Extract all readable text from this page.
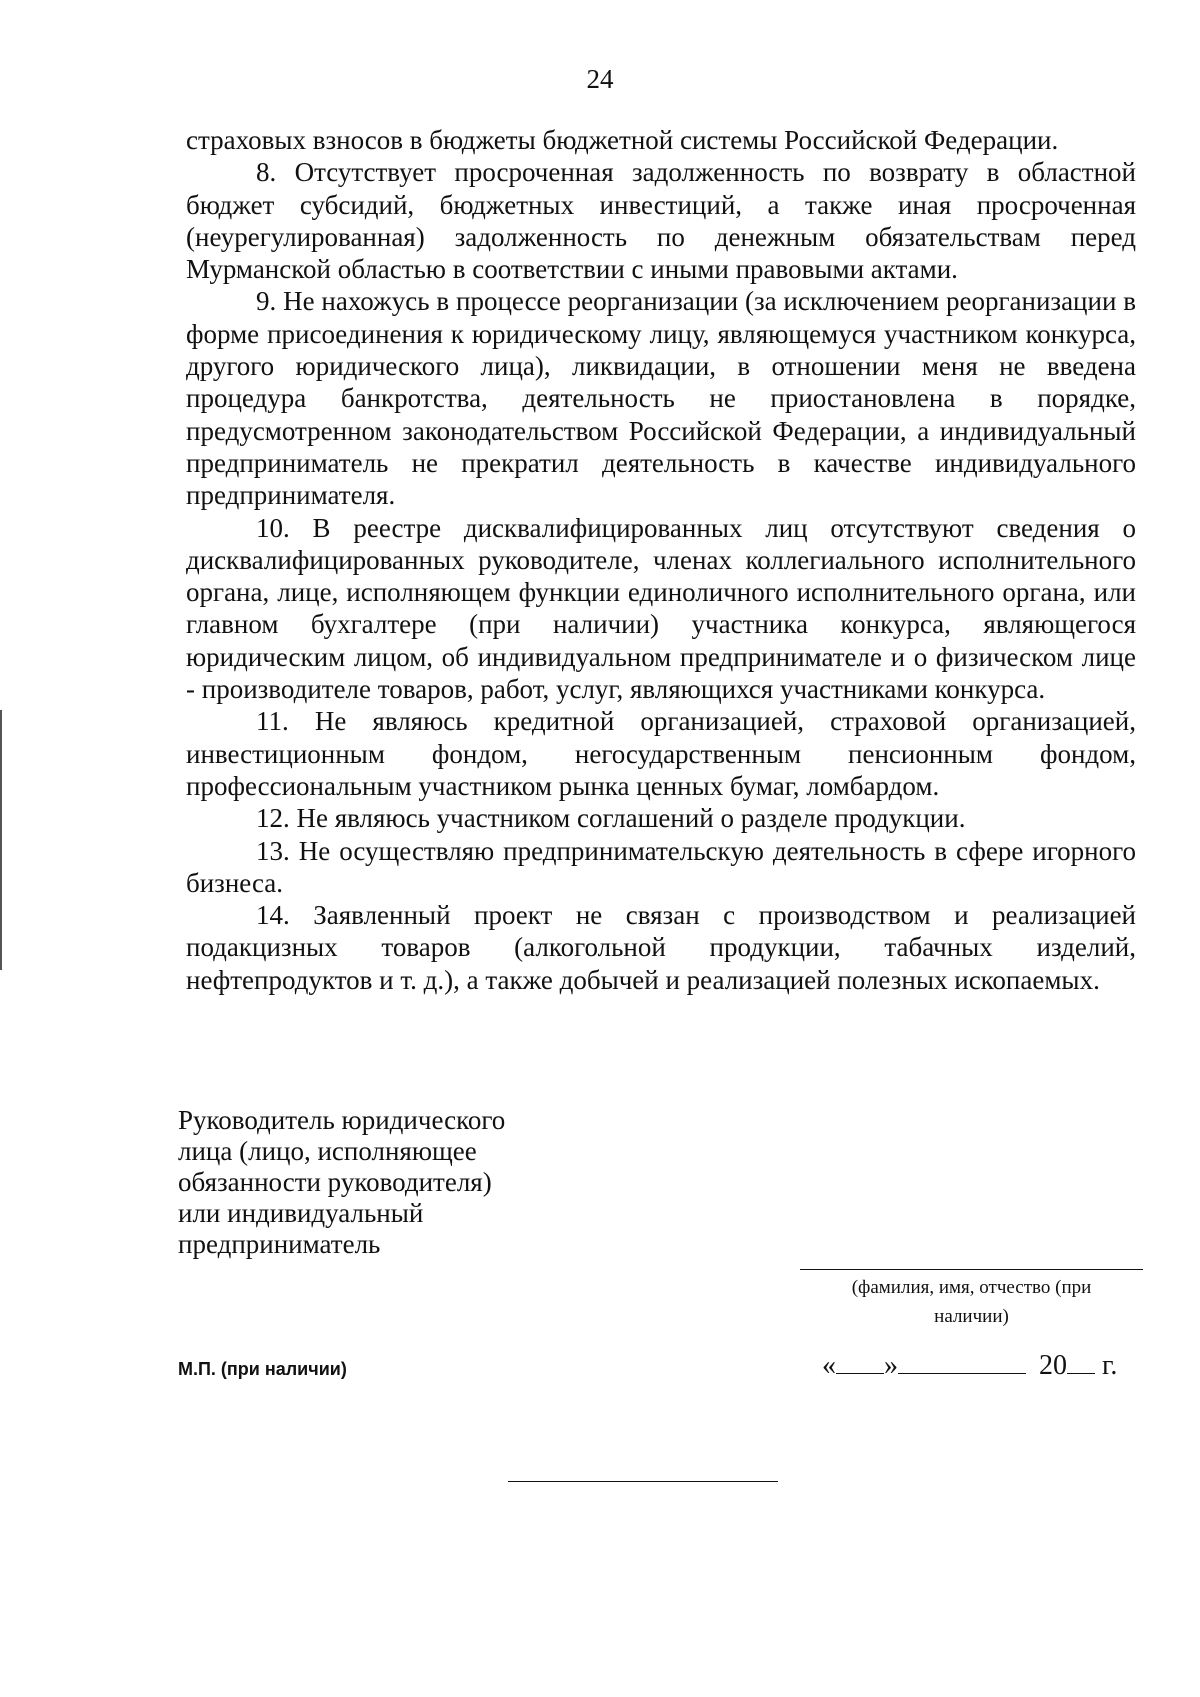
24

страховых взносов в бюджеты бюджетной системы Российской Федерации.

8. Отсутствует просроченная задолженность по возврату в областной бюджет субсидий, бюджетных инвестиций, а также иная просроченная (неурегулированная) задолженность по денежным обязательствам перед Мурманской областью в соответствии с иными правовыми актами.

9. Не нахожусь в процессе реорганизации (за исключением реорганизации в форме присоединения к юридическому лицу, являющемуся участником конкурса, другого юридического лица), ликвидации, в отношении меня не введена процедура банкротства, деятельность не приостановлена в порядке, предусмотренном законодательством Российской Федерации, а индивидуальный предприниматель не прекратил деятельность в качестве индивидуального предпринимателя.

10. В реестре дисквалифицированных лиц отсутствуют сведения о дисквалифицированных руководителе, членах коллегиального исполнительного органа, лице, исполняющем функции единоличного исполнительного органа, или главном бухгалтере (при наличии) участника конкурса, являющегося юридическим лицом, об индивидуальном предпринимателе и о физическом лице - производителе товаров, работ, услуг, являющихся участниками конкурса.

11. Не являюсь кредитной организацией, страховой организацией, инвестиционным фондом, негосударственным пенсионным фондом, профессиональным участником рынка ценных бумаг, ломбардом.

12. Не являюсь участником соглашений о разделе продукции.

13. Не осуществляю предпринимательскую деятельность в сфере игорного бизнеса.

14. Заявленный проект не связан с производством и реализацией подакцизных товаров (алкогольной продукции, табачных изделий, нефтепродуктов и т. д.), а также добычей и реализацией полезных ископаемых.

Руководитель юридического
лица (лицо, исполняющее
обязанности руководителя)
или индивидуальный
предприниматель
(фамилия, имя, отчество (при
наличии)
М.П. (при наличии)	« »	20 г.
